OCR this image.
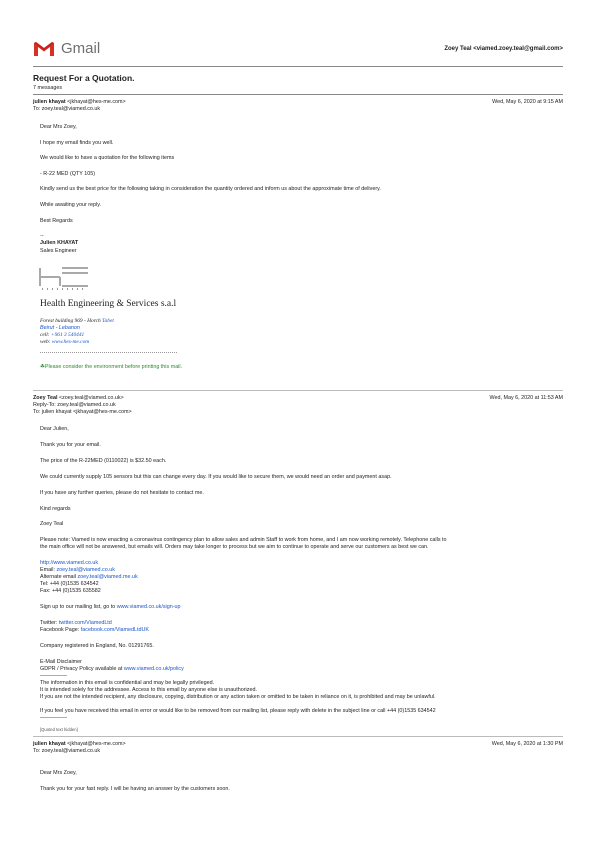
Gmail	Zoey Teal <viamed.zoey.teal@gmail.com>
Request For a Quotation.
7 messages
julien khayat <jkhayat@hes-me.com>	Wed, May 6, 2020 at 9:15 AM
To: zoey.teal@viamed.co.uk
Dear Mrs Zoey,
I hope my email finds you well.
We would like to have a quotation for the following items
- R-22 MED (QTY 105)
Kindly send us the best price for the following taking in consideration the quantity ordered and inform us about the approximate time of delivery.
While awaiting your reply.
Best Regards
--
Julien KHAYAT
Sales Engineer
Health Engineering & Services s.a.l
Forest building 969 - Horch Tabet
Beirut - Lebanon
cell: +961 3 540441
web: www.hes-me.com
☘Please consider the environment before printing this mail.
Zoey Teal <zoey.teal@viamed.co.uk>	Wed, May 6, 2020 at 11:53 AM
Reply-To: zoey.teal@viamed.co.uk
To: julien khayat <jkhayat@hes-me.com>
Dear Julien,
Thank you for your email.
The price of the R-22MED (0110022) is $32.50 each.
We could currently supply 105 sensors but this can change every day. If you would like to secure them, we would need an order and payment asap.
If you have any further queries, please do not hesitate to contact me.
Kind regards
Zoey Teal
Please note: Viamed is now enacting a coronavirus contingency plan to allow sales and admin Staff to work from home, and I am now working remotely. Telephone calls to
the main office will not be answered, but emails will. Orders may take longer to process but we aim to continue to operate and serve our customers as best we can.
http://www.viamed.co.uk
Email: zoey.teal@viamed.co.uk
Alternate email zoey.teal@viamed.me.uk
Tel: +44 (0)1535 634542
Fax: +44 (0)1535 635582
Sign up to our mailing list, go to www.viamed.co.uk/sign-up
Twitter: twitter.com/ViamedLtd
Facebook Page: facebook.com/ViamedLtdUK
Company registered in England, No. 01291765.
E-Mail Disclaimer
GDPR / Privacy Policy available at www.viamed.co.uk/policy
—————
The information in this email is confidential and may be legally privileged.
It is intended solely for the addressee. Access to this email by anyone else is unauthorized.
If you are not the intended recipient, any disclosure, copying, distribution or any action taken or omitted to be taken in reliance on it, is prohibited and may be unlawful.
If you feel you have received this email in error or would like to be removed from our mailing list, please reply with delete in the subject line or call +44 (0)1535 634542
—————
[Quoted text hidden]
julien khayat <jkhayat@hes-me.com>	Wed, May 6, 2020 at 1:30 PM
To: zoey.teal@viamed.co.uk
Dear Mrs Zoey,
Thank you for your fast reply. I will be having an answer by the customers soon.
